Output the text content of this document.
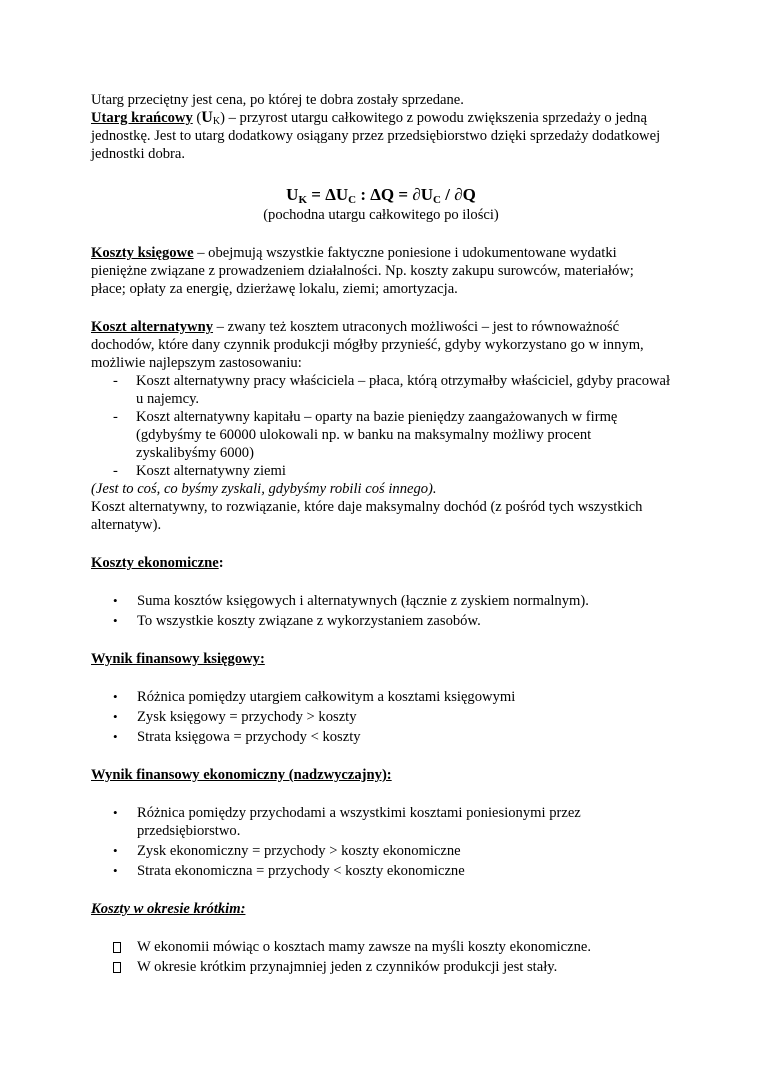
Utarg przeciętny jest cena, po której te dobra zostały sprzedane.

Utarg krańcowy $(U_K)$ – przyrost utargu całkowitego z powodu zwiększenia sprzedaży o jedną jednostkę. Jest to utarg dodatkowy osiągany przez przedsiębiorstwo dzięki sprzedaży dodatkowej jednostki dobra.

$U_K = \Delta U_C$ : $\Delta Q = \partial U_C / \partial Q$

(pochodna utargu całkowitego po ilości)

Koszty księgowe – obejmują wszystkie faktyczne poniesione i udokumentowane wydatki pieniężne związane z prowadzeniem działalności. Np. koszty zakupu surowców, materiałów; płace; opłaty za energię, dzierżawę lokalu, ziemi; amortyzacja.

Koszt alternatywny – zwany też kosztem utraconych możliwości – jest to równoważność dochodów, które dany czynnik produkcji mógłby przynieść, gdyby wykorzystano go w innym, możliwie najlepszym zastosowaniu:

- Koszt alternatywny pracy właściciela – płaca, którą otrzymałby właściciel, gdyby pracował u najemcy.
- Koszt alternatywny kapitału – oparty na bazie pieniędzy zaangażowanych w firmę (gdybyśmy te 60000 ulokowali np. w banku na maksymalny możliwy procent zyskalibyśmy 6000)
- Koszt alternatywny ziemi

(Jest to coś, co byśmy zyskali, gdybyśmy robili coś innego).

Koszt alternatywny, to rozwiązanie, które daje maksymalny dochód (z pośród tych wszystkich alternatyw).

Koszty ekonomiczne:

• Suma kosztów księgowych i alternatywnych (łącznie z zyskiem normalnym).
• To wszystkie koszty związane z wykorzystaniem zasobów.

Wynik finansowy księgowy:

• Różnica pomiędzy utargiem całkowitym a kosztami księgowymi
• Zysk księgowy = przychody > koszty
• Strata księgowa = przychody < koszty

Wynik finansowy ekonomiczny (nadzwyczajny):

• Różnica pomiędzy przychodami a wszystkimi kosztami poniesionymi przez przedsiębiorstwo.
• Zysk ekonomiczny = przychody > koszty ekonomiczne
• Strata ekonomiczna = przychody < koszty ekonomiczne

Koszty w okresie krótkim:

W ekonomii mówiąc o kosztach mamy zawsze na myśli koszty ekonomiczne.
W okresie krótkim przynajmniej jeden z czynników produkcji jest stały.
